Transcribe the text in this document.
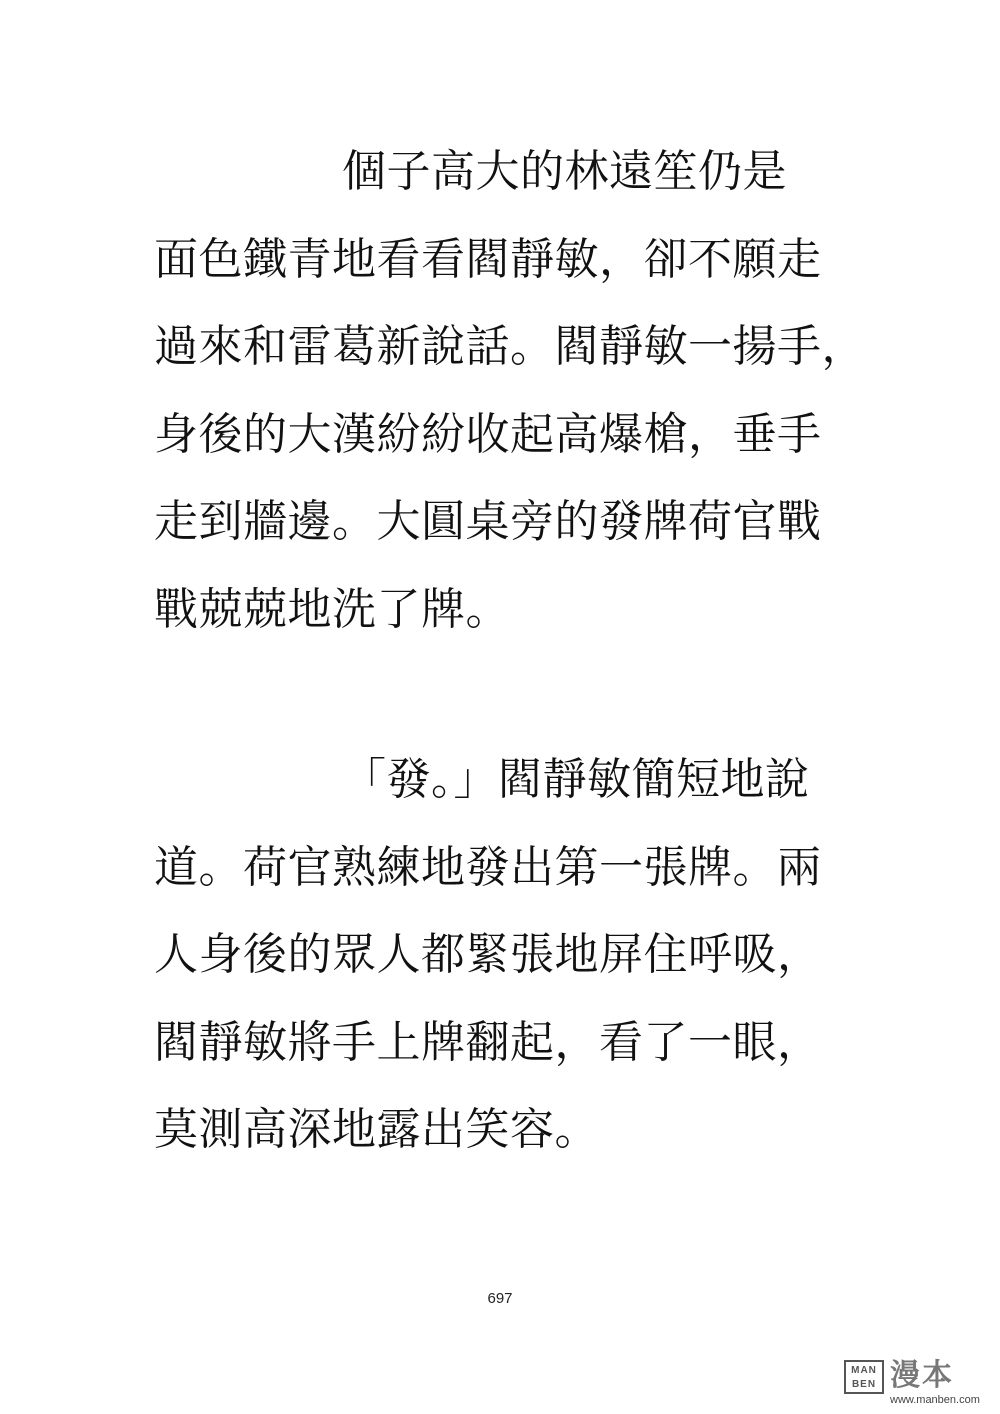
個子高大的林遠笙仍是
面色鐵青地看看閻靜敏，卻不願走
過來和雷葛新說話。閻靜敏一揚手，
身後的大漢紛紛收起高爆槍，垂手
走到牆邊。大圓桌旁的發牌荷官戰
戰兢兢地洗了牌。
「發。」閻靜敏簡短地說
道。荷官熟練地發出第一張牌。兩
人身後的眾人都緊張地屏住呼吸，
閻靜敏將手上牌翻起，看了一眼，
莫測高深地露出笑容。
697
MAN
BEN 漫本
www.manben.com
